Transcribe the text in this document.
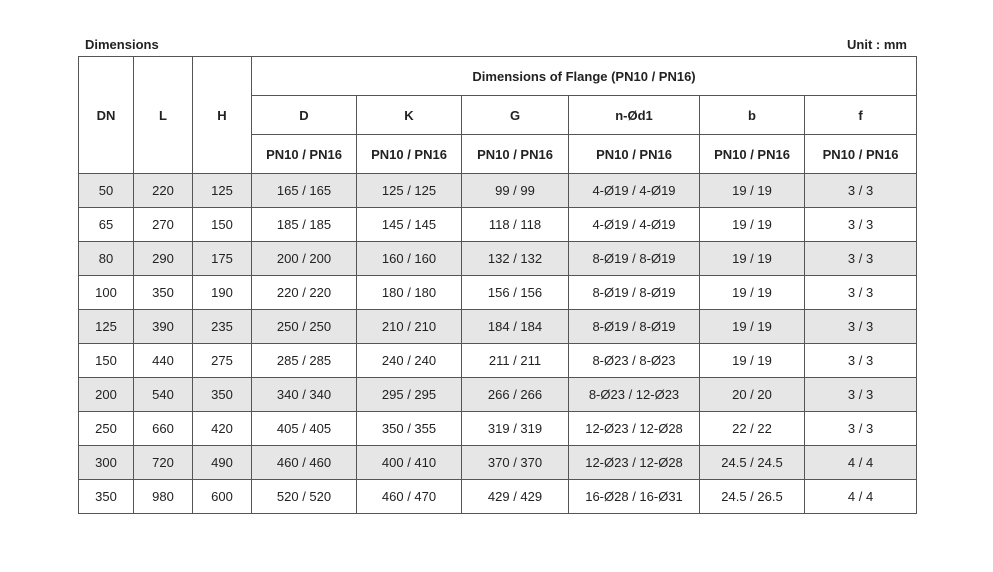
Dimensions	Unit : mm
DN	L	H	Dimensions of Flange (PN10 / PN16)					
			D	K	G	n-Ød1	b	f
			PN10 / PN16	PN10 / PN16	PN10 / PN16	PN10 / PN16	PN10 / PN16	PN10 / PN16
50	220	125	165 / 165	125 / 125	99 / 99	4-Ø19 / 4-Ø19	19 / 19	3 / 3
65	270	150	185 / 185	145 / 145	118 / 118	4-Ø19 / 4-Ø19	19 / 19	3 / 3
80	290	175	200 / 200	160 / 160	132 / 132	8-Ø19 / 8-Ø19	19 / 19	3 / 3
100	350	190	220 / 220	180 / 180	156 / 156	8-Ø19 / 8-Ø19	19 / 19	3 / 3
125	390	235	250 / 250	210 / 210	184 / 184	8-Ø19 / 8-Ø19	19 / 19	3 / 3
150	440	275	285 / 285	240 / 240	211 / 211	8-Ø23 / 8-Ø23	19 / 19	3 / 3
200	540	350	340 / 340	295 / 295	266 / 266	8-Ø23 / 12-Ø23	20 / 20	3 / 3
250	660	420	405 / 405	350 / 355	319 / 319	12-Ø23 / 12-Ø28	22 / 22	3 / 3
300	720	490	460 / 460	400 / 410	370 / 370	12-Ø23 / 12-Ø28	24.5 / 24.5	4 / 4
350	980	600	520 / 520	460 / 470	429 / 429	16-Ø28 / 16-Ø31	24.5 / 26.5	4 / 4
